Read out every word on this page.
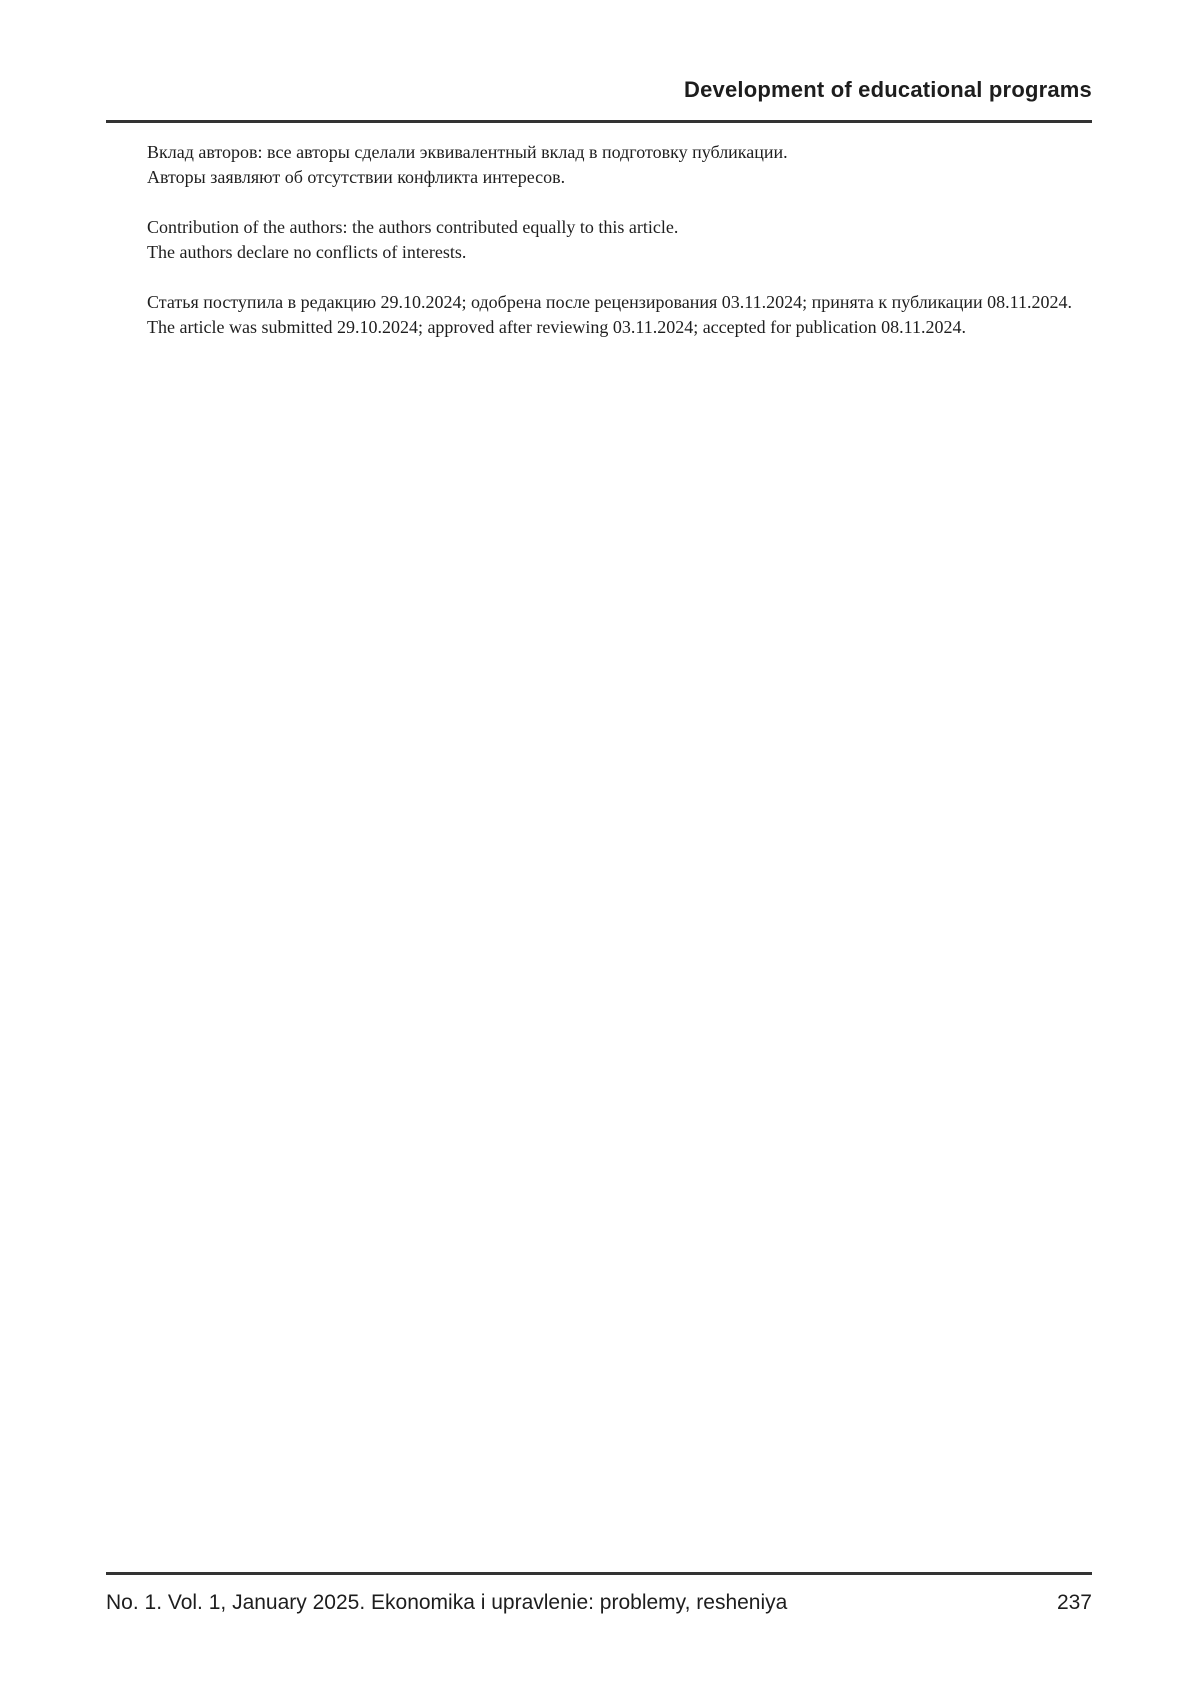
Development of educational programs
Вклад авторов: все авторы сделали эквивалентный вклад в подготовку публикации.
Авторы заявляют об отсутствии конфликта интересов.
Contribution of the authors: the authors contributed equally to this article.
The authors declare no conflicts of interests.
Статья поступила в редакцию 29.10.2024; одобрена после рецензирования 03.11.2024; принята к публикации 08.11.2024.
The article was submitted 29.10.2024; approved after reviewing 03.11.2024; accepted for publication 08.11.2024.
No. 1. Vol. 1, January 2025. Ekonomika i upravlenie: problemy, resheniya	237
